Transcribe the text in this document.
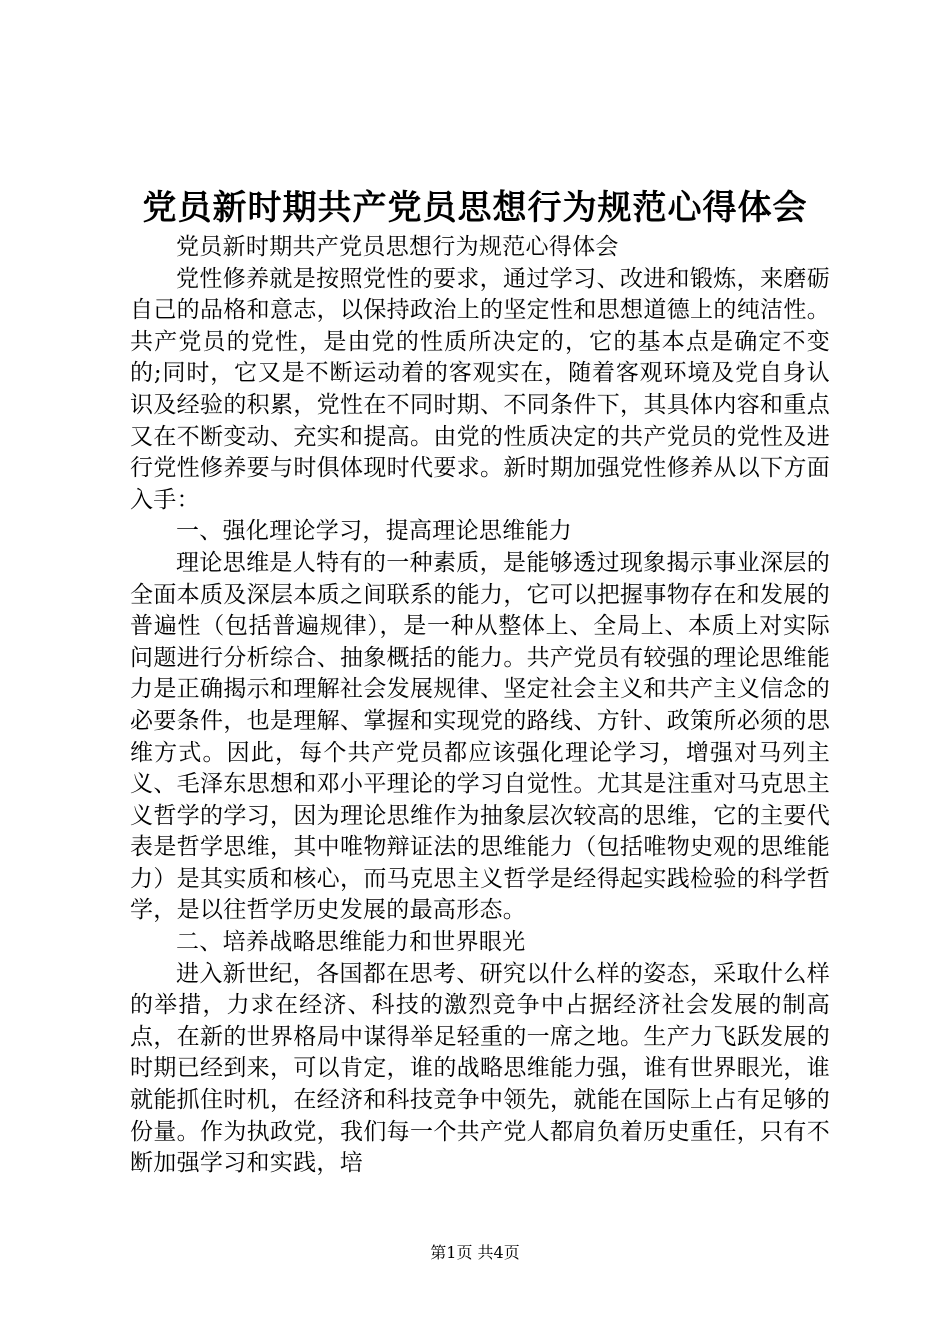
党员新时期共产党员思想行为规范心得体会

党员新时期共产党员思想行为规范心得体会

党性修养就是按照党性的要求，通过学习、改进和锻炼，来磨砺自己的品格和意志，以保持政治上的坚定性和思想道德上的纯洁性。共产党员的党性，是由党的性质所决定的，它的基本点是确定不变的;同时，它又是不断运动着的客观实在，随着客观环境及党自身认识及经验的积累，党性在不同时期、不同条件下，其具体内容和重点又在不断变动、充实和提高。由党的性质决定的共产党员的党性及进行党性修养要与时俱体现时代要求。新时期加强党性修养从以下方面入手：

一、强化理论学习，提高理论思维能力

理论思维是人特有的一种素质，是能够透过现象揭示事业深层的全面本质及深层本质之间联系的能力，它可以把握事物存在和发展的普遍性（包括普遍规律），是一种从整体上、全局上、本质上对实际问题进行分析综合、抽象概括的能力。共产党员有较强的理论思维能力是正确揭示和理解社会发展规律、坚定社会主义和共产主义信念的必要条件，也是理解、掌握和实现党的路线、方针、政策所必须的思维方式。因此，每个共产党员都应该强化理论学习，增强对马列主义、毛泽东思想和邓小平理论的学习自觉性。尤其是注重对马克思主义哲学的学习，因为理论思维作为抽象层次较高的思维，它的主要代表是哲学思维，其中唯物辩证法的思维能力（包括唯物史观的思维能力）是其实质和核心，而马克思主义哲学是经得起实践检验的科学哲学，是以往哲学历史发展的最高形态。

二、培养战略思维能力和世界眼光

进入新世纪，各国都在思考、研究以什么样的姿态，采取什么样的举措，力求在经济、科技的激烈竞争中占据经济社会发展的制高点，在新的世界格局中谋得举足轻重的一席之地。生产力飞跃发展的时期已经到来，可以肯定，谁的战略思维能力强，谁有世界眼光，谁就能抓住时机，在经济和科技竞争中领先，就能在国际上占有足够的份量。作为执政党，我们每一个共产党人都肩负着历史重任，只有不断加强学习和实践，培

第1页 共4页
